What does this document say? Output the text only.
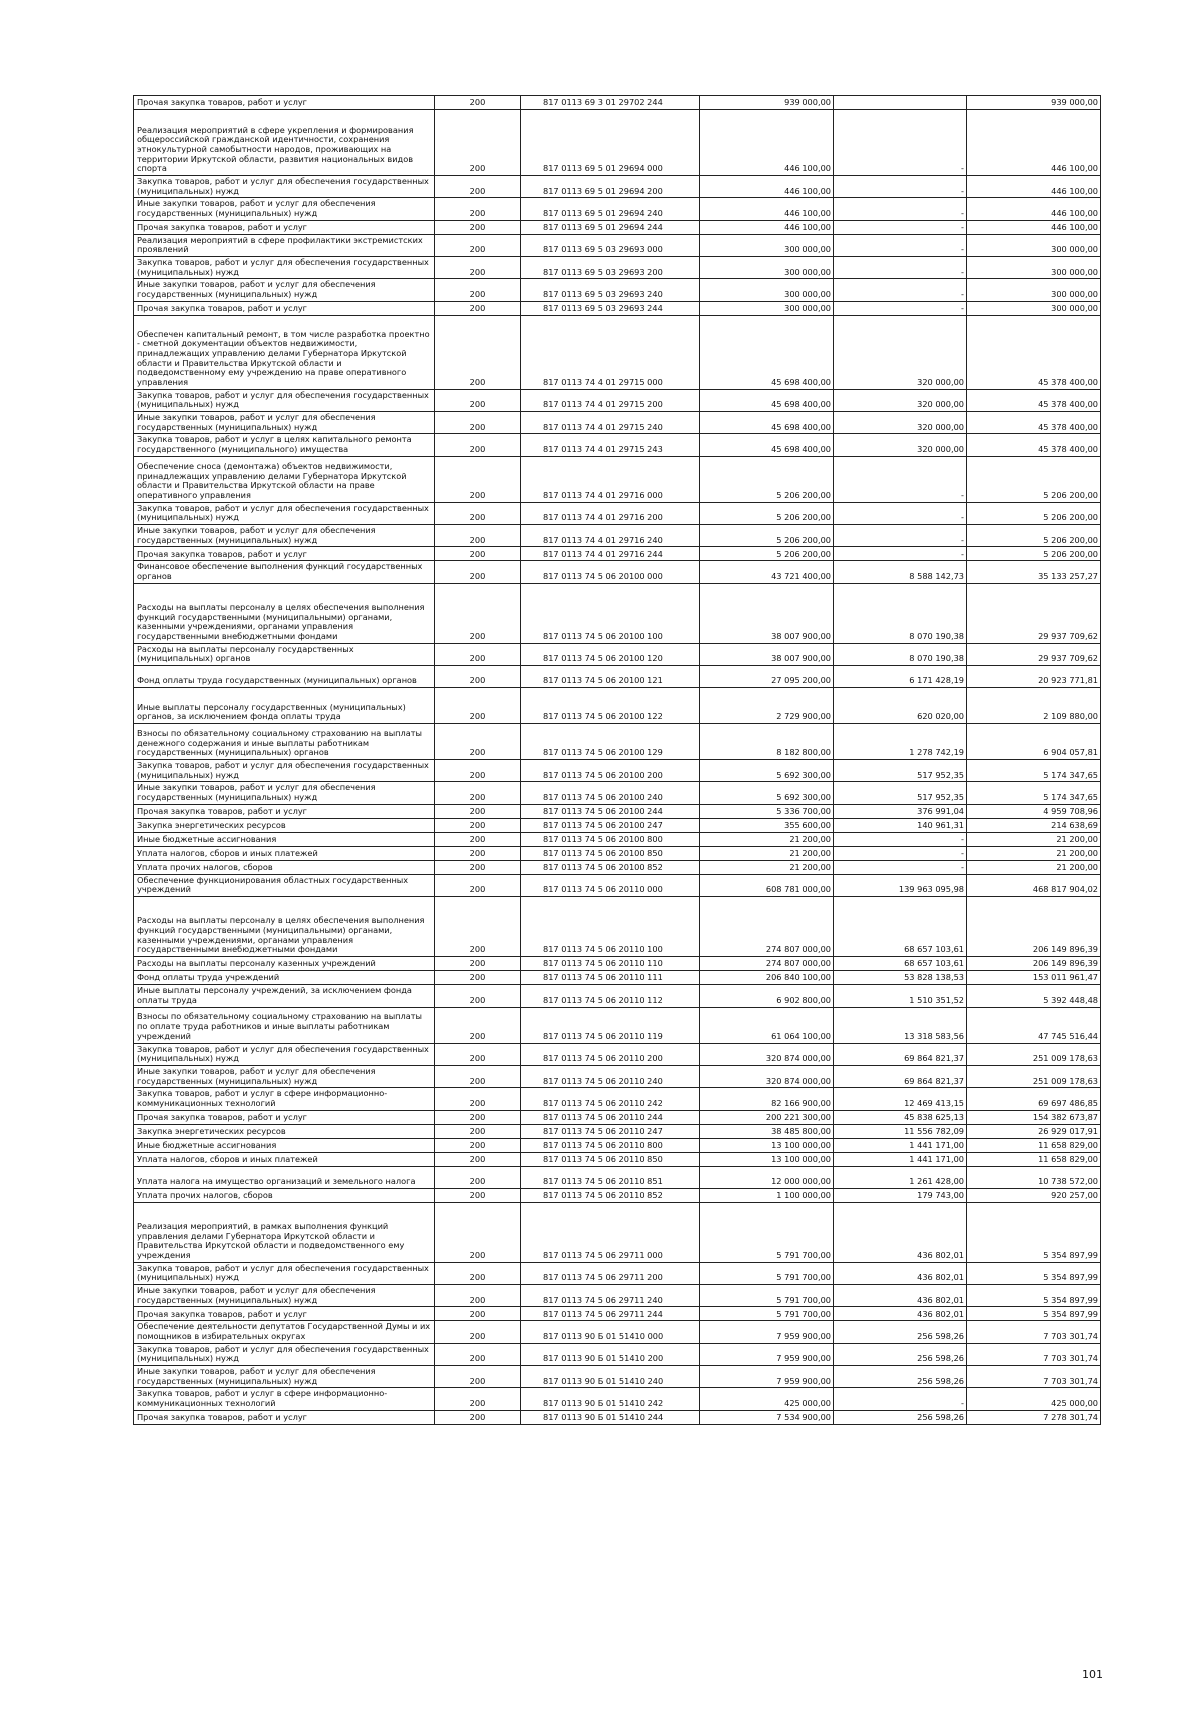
Прочая закупка товаров, работ и услуг	200	817 0113 69 3 01 29702 244	939 000,00		939 000,00
Реализация мероприятий в сфере укрепления и формирования общероссийской гражданской идентичности, сохранения этнокультурной самобытности народов, проживающих на территории Иркутской области, развития национальных видов спорта	200	817 0113 69 5 01 29694 000	446 100,00	-	446 100,00
Закупка товаров, работ и услуг для обеспечения государственных (муниципальных) нужд	200	817 0113 69 5 01 29694 200	446 100,00	-	446 100,00
Иные закупки товаров, работ и услуг для обеспечения государственных (муниципальных) нужд	200	817 0113 69 5 01 29694 240	446 100,00	-	446 100,00
Прочая закупка товаров, работ и услуг	200	817 0113 69 5 01 29694 244	446 100,00	-	446 100,00
Реализация мероприятий в сфере профилактики экстремистских проявлений	200	817 0113 69 5 03 29693 000	300 000,00	-	300 000,00
Закупка товаров, работ и услуг для обеспечения государственных (муниципальных) нужд	200	817 0113 69 5 03 29693 200	300 000,00	-	300 000,00
Иные закупки товаров, работ и услуг для обеспечения государственных (муниципальных) нужд	200	817 0113 69 5 03 29693 240	300 000,00	-	300 000,00
Прочая закупка товаров, работ и услуг	200	817 0113 69 5 03 29693 244	300 000,00	-	300 000,00
Обеспечен капитальный ремонт, в том числе разработка проектно - сметной документации объектов недвижимости, принадлежащих управлению делами Губернатора Иркутской области и Правительства Иркутской области и подведомственному ему учреждению на праве оперативного управления	200	817 0113 74 4 01 29715 000	45 698 400,00	320 000,00	45 378 400,00
Закупка товаров, работ и услуг для обеспечения государственных (муниципальных) нужд	200	817 0113 74 4 01 29715 200	45 698 400,00	320 000,00	45 378 400,00
Иные закупки товаров, работ и услуг для обеспечения государственных (муниципальных) нужд	200	817 0113 74 4 01 29715 240	45 698 400,00	320 000,00	45 378 400,00
Закупка товаров, работ и услуг в целях капитального ремонта государственного (муниципального) имущества	200	817 0113 74 4 01 29715 243	45 698 400,00	320 000,00	45 378 400,00
Обеспечение сноса (демонтажа) объектов недвижимости, принадлежащих управлению делами Губернатора Иркутской области и Правительства Иркутской области на праве оперативного управления	200	817 0113 74 4 01 29716 000	5 206 200,00	-	5 206 200,00
Закупка товаров, работ и услуг для обеспечения государственных (муниципальных) нужд	200	817 0113 74 4 01 29716 200	5 206 200,00	-	5 206 200,00
Иные закупки товаров, работ и услуг для обеспечения государственных (муниципальных) нужд	200	817 0113 74 4 01 29716 240	5 206 200,00	-	5 206 200,00
Прочая закупка товаров, работ и услуг	200	817 0113 74 4 01 29716 244	5 206 200,00	-	5 206 200,00
Финансовое обеспечение выполнения функций государственных органов	200	817 0113 74 5 06 20100 000	43 721 400,00	8 588 142,73	35 133 257,27
Расходы на выплаты персоналу в целях обеспечения выполнения функций государственными (муниципальными) органами, казенными учреждениями, органами управления государственными внебюджетными фондами	200	817 0113 74 5 06 20100 100	38 007 900,00	8 070 190,38	29 937 709,62
Расходы на выплаты персоналу государственных (муниципальных) органов	200	817 0113 74 5 06 20100 120	38 007 900,00	8 070 190,38	29 937 709,62
Фонд оплаты труда государственных (муниципальных) органов	200	817 0113 74 5 06 20100 121	27 095 200,00	6 171 428,19	20 923 771,81
Иные выплаты персоналу государственных (муниципальных) органов, за исключением фонда оплаты труда	200	817 0113 74 5 06 20100 122	2 729 900,00	620 020,00	2 109 880,00
Взносы по обязательному социальному страхованию на выплаты денежного содержания и иные выплаты работникам государственных (муниципальных) органов	200	817 0113 74 5 06 20100 129	8 182 800,00	1 278 742,19	6 904 057,81
Закупка товаров, работ и услуг для обеспечения государственных (муниципальных) нужд	200	817 0113 74 5 06 20100 200	5 692 300,00	517 952,35	5 174 347,65
Иные закупки товаров, работ и услуг для обеспечения государственных (муниципальных) нужд	200	817 0113 74 5 06 20100 240	5 692 300,00	517 952,35	5 174 347,65
Прочая закупка товаров, работ и услуг	200	817 0113 74 5 06 20100 244	5 336 700,00	376 991,04	4 959 708,96
Закупка энергетических ресурсов	200	817 0113 74 5 06 20100 247	355 600,00	140 961,31	214 638,69
Иные бюджетные ассигнования	200	817 0113 74 5 06 20100 800	21 200,00	-	21 200,00
Уплата налогов, сборов и иных платежей	200	817 0113 74 5 06 20100 850	21 200,00	-	21 200,00
Уплата прочих налогов, сборов	200	817 0113 74 5 06 20100 852	21 200,00	-	21 200,00
Обеспечение функционирования областных государственных учреждений	200	817 0113 74 5 06 20110 000	608 781 000,00	139 963 095,98	468 817 904,02
Расходы на выплаты персоналу в целях обеспечения выполнения функций государственными (муниципальными) органами, казенными учреждениями, органами управления государственными внебюджетными фондами	200	817 0113 74 5 06 20110 100	274 807 000,00	68 657 103,61	206 149 896,39
Расходы на выплаты персоналу казенных учреждений	200	817 0113 74 5 06 20110 110	274 807 000,00	68 657 103,61	206 149 896,39
Фонд оплаты труда учреждений	200	817 0113 74 5 06 20110 111	206 840 100,00	53 828 138,53	153 011 961,47
Иные выплаты персоналу учреждений, за исключением фонда оплаты труда	200	817 0113 74 5 06 20110 112	6 902 800,00	1 510 351,52	5 392 448,48
Взносы по обязательному социальному страхованию на выплаты по оплате труда работников и иные выплаты работникам учреждений	200	817 0113 74 5 06 20110 119	61 064 100,00	13 318 583,56	47 745 516,44
Закупка товаров, работ и услуг для обеспечения государственных (муниципальных) нужд	200	817 0113 74 5 06 20110 200	320 874 000,00	69 864 821,37	251 009 178,63
Иные закупки товаров, работ и услуг для обеспечения государственных (муниципальных) нужд	200	817 0113 74 5 06 20110 240	320 874 000,00	69 864 821,37	251 009 178,63
Закупка товаров, работ и услуг в сфере информационно-коммуникационных технологий	200	817 0113 74 5 06 20110 242	82 166 900,00	12 469 413,15	69 697 486,85
Прочая закупка товаров, работ и услуг	200	817 0113 74 5 06 20110 244	200 221 300,00	45 838 625,13	154 382 673,87
Закупка энергетических ресурсов	200	817 0113 74 5 06 20110 247	38 485 800,00	11 556 782,09	26 929 017,91
Иные бюджетные ассигнования	200	817 0113 74 5 06 20110 800	13 100 000,00	1 441 171,00	11 658 829,00
Уплата налогов, сборов и иных платежей	200	817 0113 74 5 06 20110 850	13 100 000,00	1 441 171,00	11 658 829,00
Уплата налога на имущество организаций и земельного налога	200	817 0113 74 5 06 20110 851	12 000 000,00	1 261 428,00	10 738 572,00
Уплата прочих налогов, сборов	200	817 0113 74 5 06 20110 852	1 100 000,00	179 743,00	920 257,00
Реализация мероприятий, в рамках выполнения функций управления делами Губернатора Иркутской области и Правительства Иркутской области и подведомственного ему учреждения	200	817 0113 74 5 06 29711 000	5 791 700,00	436 802,01	5 354 897,99
Закупка товаров, работ и услуг для обеспечения государственных (муниципальных) нужд	200	817 0113 74 5 06 29711 200	5 791 700,00	436 802,01	5 354 897,99
Иные закупки товаров, работ и услуг для обеспечения государственных (муниципальных) нужд	200	817 0113 74 5 06 29711 240	5 791 700,00	436 802,01	5 354 897,99
Прочая закупка товаров, работ и услуг	200	817 0113 74 5 06 29711 244	5 791 700,00	436 802,01	5 354 897,99
Обеспечение деятельности депутатов Государственной Думы и их помощников в избирательных округах	200	817 0113 90 Б 01 51410 000	7 959 900,00	256 598,26	7 703 301,74
Закупка товаров, работ и услуг для обеспечения государственных (муниципальных) нужд	200	817 0113 90 Б 01 51410 200	7 959 900,00	256 598,26	7 703 301,74
Иные закупки товаров, работ и услуг для обеспечения государственных (муниципальных) нужд	200	817 0113 90 Б 01 51410 240	7 959 900,00	256 598,26	7 703 301,74
Закупка товаров, работ и услуг в сфере информационно-коммуникационных технологий	200	817 0113 90 Б 01 51410 242	425 000,00	-	425 000,00
Прочая закупка товаров, работ и услуг	200	817 0113 90 Б 01 51410 244	7 534 900,00	256 598,26	7 278 301,74
101
